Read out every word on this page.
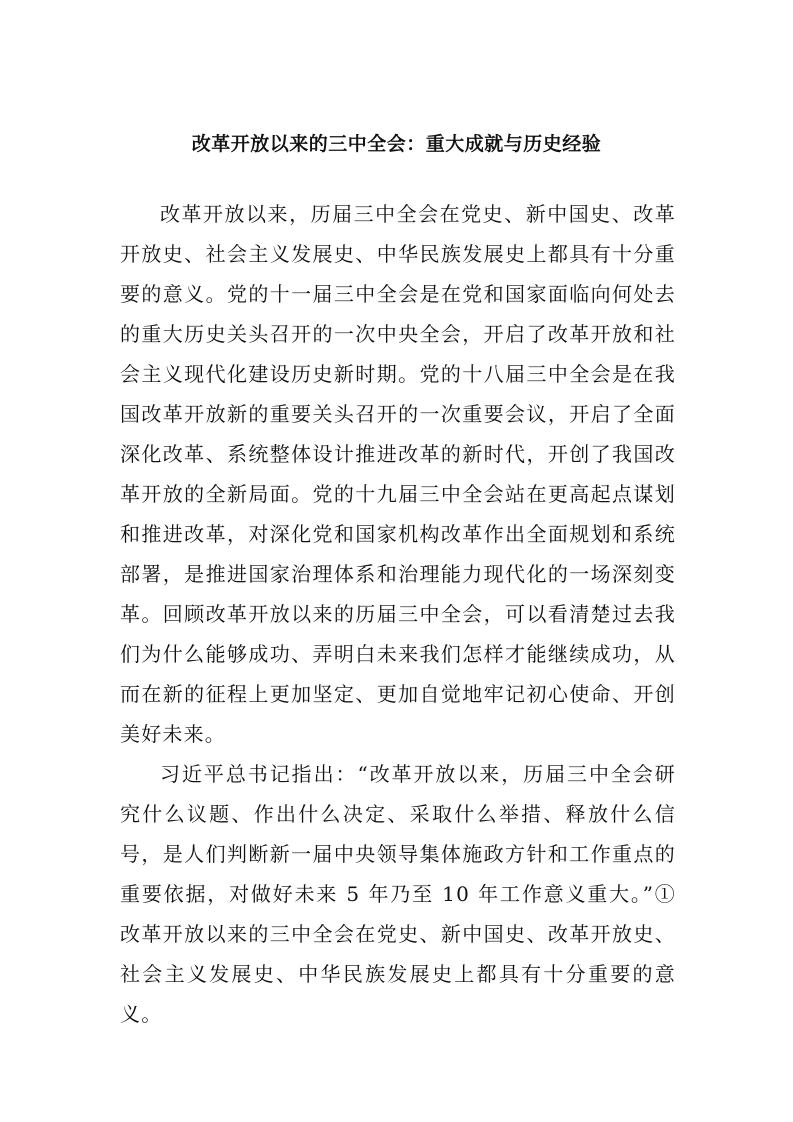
改革开放以来的三中全会：重大成就与历史经验

改革开放以来，历届三中全会在党史、新中国史、改革开放史、社会主义发展史、中华民族发展史上都具有十分重要的意义。党的十一届三中全会是在党和国家面临向何处去的重大历史关头召开的一次中央全会，开启了改革开放和社会主义现代化建设历史新时期。党的十八届三中全会是在我国改革开放新的重要关头召开的一次重要会议，开启了全面深化改革、系统整体设计推进改革的新时代，开创了我国改革开放的全新局面。党的十九届三中全会站在更高起点谋划和推进改革，对深化党和国家机构改革作出全面规划和系统部署，是推进国家治理体系和治理能力现代化的一场深刻变革。回顾改革开放以来的历届三中全会，可以看清楚过去我们为什么能够成功、弄明白未来我们怎样才能继续成功，从而在新的征程上更加坚定、更加自觉地牢记初心使命、开创美好未来。

习近平总书记指出：“改革开放以来，历届三中全会研究什么议题、作出什么决定、采取什么举措、释放什么信号，是人们判断新一届中央领导集体施政方针和工作重点的重要依据，对做好未来 5 年乃至 10 年工作意义重大。”①改革开放以来的三中全会在党史、新中国史、改革开放史、社会主义发展史、中华民族发展史上都具有十分重要的意义。
